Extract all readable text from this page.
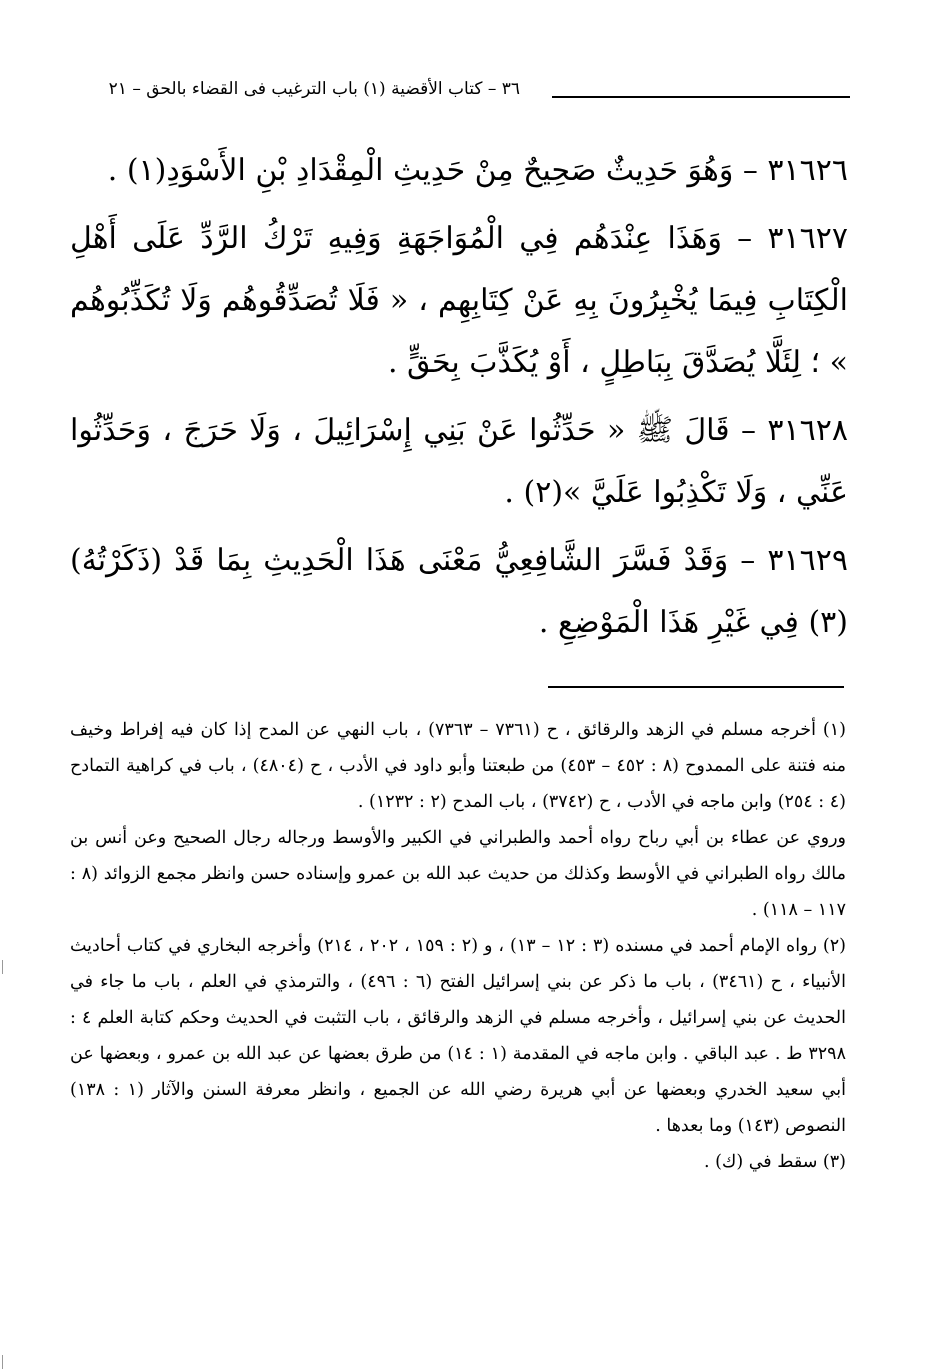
٣٦ – كتاب الأقضية (١) باب الترغيب فى القضاء بالحق – ٢١

٣١٦٢٦ – وَهُوَ حَدِيثٌ صَحِيحٌ مِنْ حَدِيثِ الْمِقْدَادِ بْنِ الأَسْوَدِ(١) .

٣١٦٢٧ – وَهَذَا عِنْدَهُم فِي الْمُوَاجَهَةِ وَفِيهِ تَرْكُ الرَّدِّ عَلَى أَهْلِ الْكِتَابِ فِيمَا يُخْبِرُونَ بِهِ عَنْ كِتَابِهِم ، « فَلَا تُصَدِّقُوهُم وَلَا تُكَذِّبُوهُم » ؛ لِئَلَّا يُصَدَّقَ بِبَاطِلٍ ، أَوْ يُكَذَّبَ بِحَقٍّ .

٣١٦٢٨ – قَالَ ﷺ « حَدِّثُوا عَنْ بَنِي إِسْرَائِيلَ ، وَلَا حَرَجَ ، وَحَدِّثُوا عَنِّي ، وَلَا تَكْذِبُوا عَلَيَّ »(٢) .

٣١٦٢٩ – وَقَدْ فَسَّرَ الشَّافِعِيُّ مَعْنَى هَذَا الْحَدِيثِ بِمَا قَدْ (ذَكَرْتُهُ)(٣) فِي غَيْرِ هَذَا الْمَوْضِعِ .

(١) أخرجه مسلم في الزهد والرقائق ، ح (٧٣٦١ – ٧٣٦٣) ، باب النهي عن المدح إذا كان فيه إفراط وخيف منه فتنة على الممدوح (٨ : ٤٥٢ – ٤٥٣) من طبعتنا وأبو داود في الأدب ، ح (٤٨٠٤) ، باب في كراهية التمادح (٤ : ٢٥٤) وابن ماجه في الأدب ، ح (٣٧٤٢) ، باب المدح (٢ : ١٢٣٢) .

وروي عن عطاء بن أبي رباح رواه أحمد والطبراني في الكبير والأوسط ورجاله رجال الصحيح وعن أنس بن مالك رواه الطبراني في الأوسط وكذلك من حديث عبد الله بن عمرو وإسناده حسن وانظر مجمع الزوائد (٨ : ١١٧ – ١١٨) .

(٢) رواه الإمام أحمد في مسنده (٣ : ١٢ – ١٣) ، و (٢ : ١٥٩ ، ٢٠٢ ، ٢١٤) وأخرجه البخاري في كتاب أحاديث الأنبياء ، ح (٣٤٦١) ، باب ما ذكر عن بني إسرائيل الفتح (٦ : ٤٩٦) ، والترمذي في العلم ، باب ما جاء في الحديث عن بني إسرائيل ، وأخرجه مسلم في الزهد والرقائق ، باب التثبت في الحديث وحكم كتابة العلم ٤ : ٣٢٩٨ ط . عبد الباقي . وابن ماجه في المقدمة (١ : ١٤) من طرق بعضها عن عبد الله بن عمرو ، وبعضها عن أبي سعيد الخدري وبعضها عن أبي هريرة رضي الله عن الجميع ، وانظر معرفة السنن والآثار (١ : ١٣٨) النصوص (١٤٣) وما بعدها .

(٣) سقط في (ك) .
